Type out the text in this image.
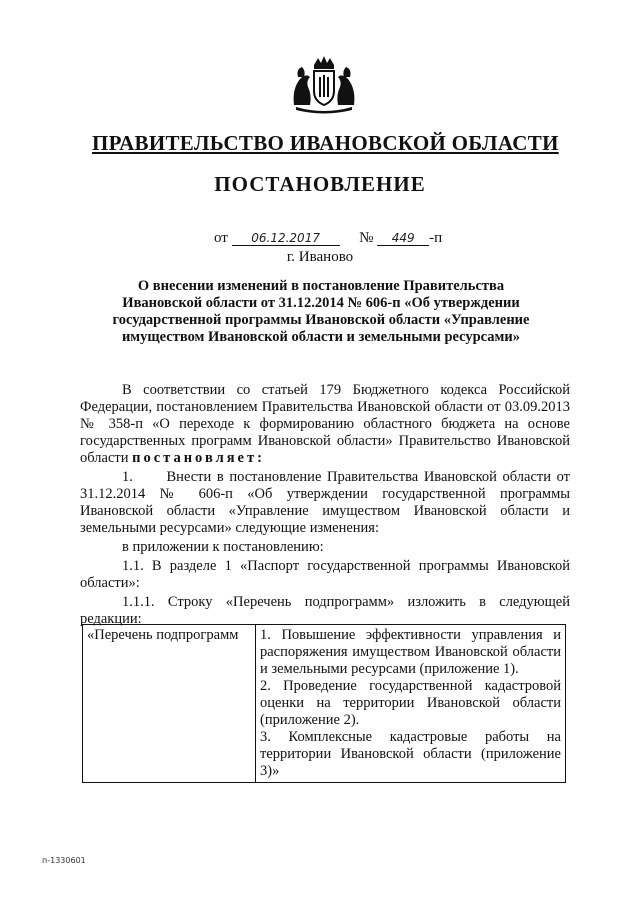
ПРАВИТЕЛЬСТВО ИВАНОВСКОЙ ОБЛАСТИ
ПОСТАНОВЛЕНИЕ
от 06.12.2017	№ 449 -п
г. Иваново
О внесении изменений в постановление Правительства
Ивановской области от 31.12.2014 № 606-п «Об утверждении
государственной программы Ивановской области «Управление
имуществом Ивановской области и земельными ресурсами»

В соответствии со статьей 179 Бюджетного кодекса Российской Федерации, постановлением Правительства Ивановской области от 03.09.2013 № 358-п «О переходе к формированию областного бюджета на основе государственных программ Ивановской области» Правительство Ивановской области постановляет:

1.      Внести в постановление Правительства Ивановской области от 31.12.2014 № 606-п «Об утверждении государственной программы Ивановской области «Управление имуществом Ивановской области и земельными ресурсами» следующие изменения:

в приложении к постановлению:

1.1. В разделе 1 «Паспорт государственной программы Ивановской области»:

1.1.1. Строку «Перечень подпрограмм» изложить в следующей редакции:

«Перечень подпрограмм	1. Повышение эффективности управления и распоряжения имуществом Ивановской области и земельными ресурсами (приложение 1).
2. Проведение государственной кадастровой оценки на территории Ивановской области (приложение 2).
3. Комплексные кадастровые работы на территории Ивановской области (приложение 3)»
п-1330601
